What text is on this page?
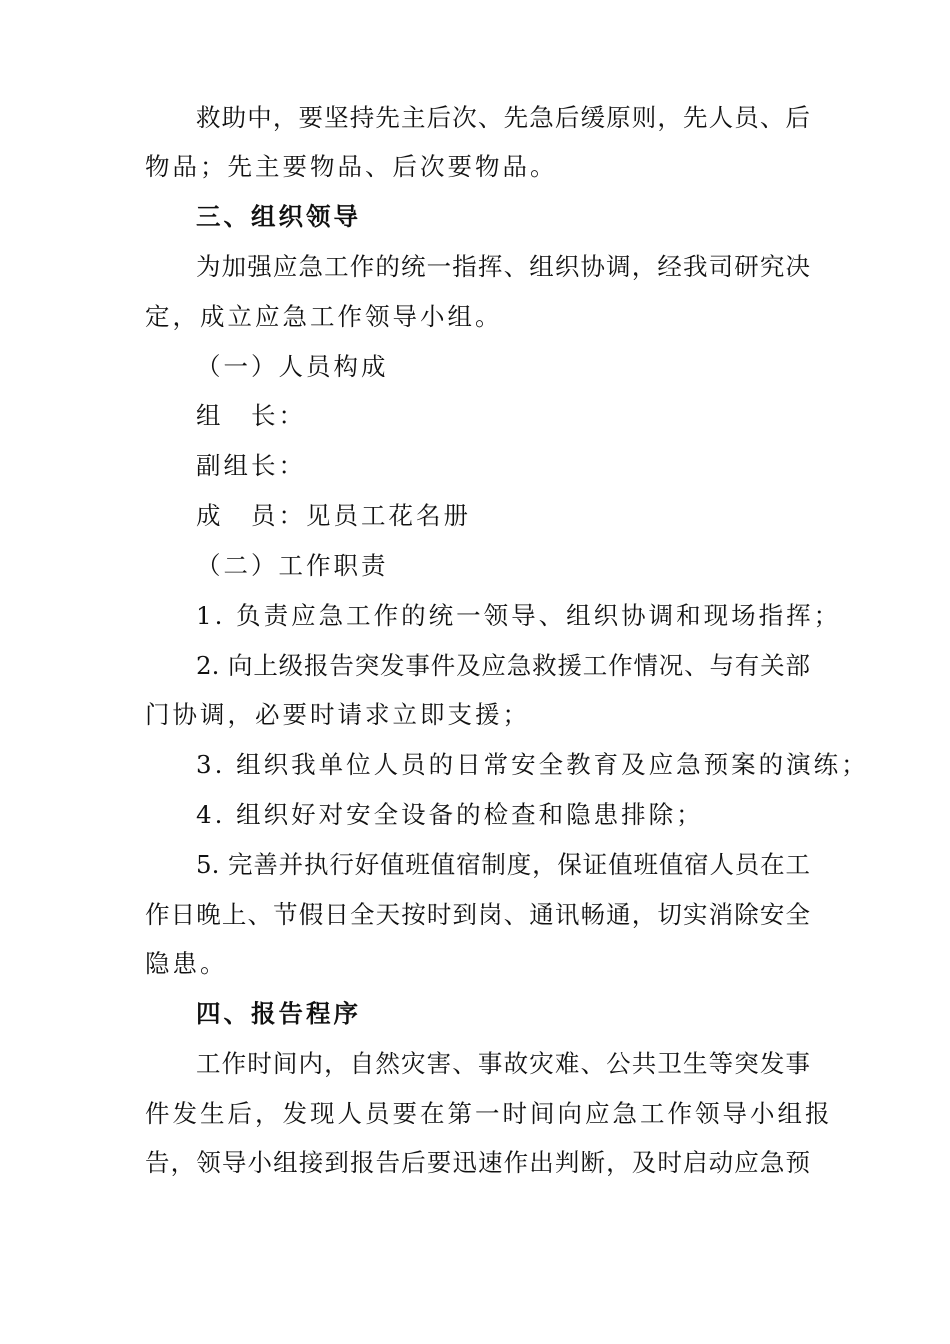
救助中，要坚持先主后次、先急后缓原则，先人员、后
物品；先主要物品、后次要物品。
三、组织领导
为加强应急工作的统一指挥、组织协调，经我司研究决
定，成立应急工作领导小组。
（一）人员构成
组　长：
副组长：
成　员：见员工花名册
（二）工作职责
1. 负责应急工作的统一领导、组织协调和现场指挥；
2. 向上级报告突发事件及应急救援工作情况、与有关部
门协调，必要时请求立即支援；
3. 组织我单位人员的日常安全教育及应急预案的演练；
4. 组织好对安全设备的检查和隐患排除；
5. 完善并执行好值班值宿制度，保证值班值宿人员在工
作日晚上、节假日全天按时到岗、通讯畅通，切实消除安全
隐患。
四、报告程序
工作时间内，自然灾害、事故灾难、公共卫生等突发事
件发生后，发现人员要在第一时间向应急工作领导小组报
告，领导小组接到报告后要迅速作出判断，及时启动应急预
